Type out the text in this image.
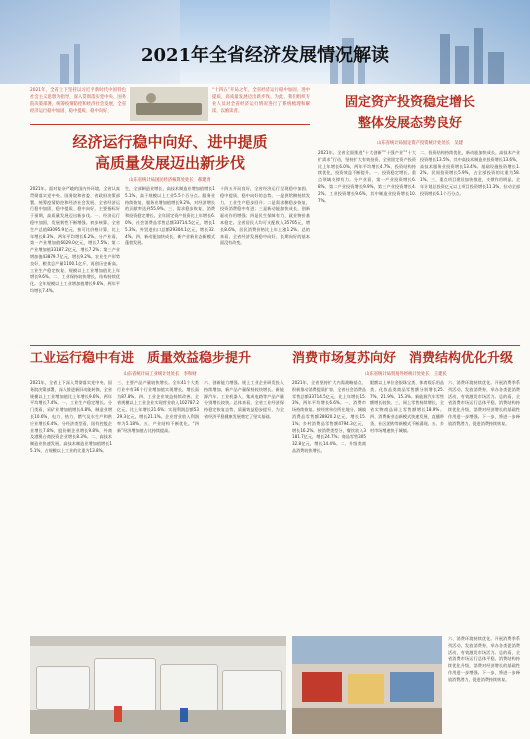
2021年全省经济发展情况解读
2021年，全省上下坚持以习近平新时代中国特色社会主义思想为指导，深入贯彻落实党中央、国务院决策部署，统筹疫情防控和经济社会发展，全省经济运行稳中加固、稳中提质、稳中向好，
“十四五”开局之年，全省经济运行稳中加固、进中提质，高质量发展迈出新步伐。为此，我们组织专业人员对全省经济运行情况进行了系统梳理和解读，以飨读者。
经济运行稳中向好、进中提质
高质量发展迈出新步伐
山东省统计局国民经济核算处处长　郝建青
2021年，面对复杂严峻的国内外环境，全省认真贯彻落实党中央、国务院和省委、省政府决策部署，统筹疫情防控和经济社会发展，全省经济运行稳中加固、稳中提质、稳中向好，主要指标好于预期，高质量发展迈出新步伐。一、经济运行稳中加固，发展韧性不断增强。初步核算，全省生产总值83095.9亿元，按可比价格计算，比上年增长8.3%，两年平均增长6.2%。分产业看，第一产业增加值6029.0亿元，增长7.5%；第二产业增加值33187.2亿元，增长7.2%；第三产业增加值43879.7亿元，增长9.2%。农业生产形势良好，粮食总产量1100.1亿斤，再创历史新高。工业生产稳定恢复，规模以上工业增加值比上年增长9.6%。二、工业保持较快增长，结构持续优化。全年规模以上工业增加值增长9.6%，两年平均增长7.4%。
生，全部制造业增长，高技术制造业增加值增长15.1%，高于规模以上工业5.5个百分点。服务业持续恢复，服务业增加值增长9.2%，对经济增长的贡献率达到55.9%。三、需求稳步恢复，消费和投资稳定增长。全年固定资产投资比上年增长6.0%，社会消费品零售总额33714.5亿元，增长15.3%。外贸进出口总额29304.1亿元，增长32.4%。四、新动能加快成长，新产业新业态新模式蓬勃发展。
十四五开局良好，全省经济运行呈现稳中加固、稳中提质、稳中向好的态势。一是供给侧持续发力，工业生产稳步回升；二是需求侧稳步恢复，投资消费稳中有进；三是新动能加快成长，创新驱动作用增强；四是民生保障有力，就业物价基本稳定。全省居民人均可支配收入35705元，增长8.6%，居民消费价格比上年上涨1.2%。总的来看，全省经济发展稳中向好、长期向好的基本面没有改变。
固定资产投资稳定增长
整体发展态势良好
山东省统计局固定资产投资统计处处长　吴建
2021年，全省全面推进“十大创新”“十强产业”“十大扩需求”行动，坚持扩大有效投资，全省固定资产投资比上年增长6.0%，两年平均增长4.7%，投资结构持续优化，投资效益不断提升。一、投资稳定增长，重点领域支撑有力。分产业看，第一产业投资增长6.8%，第二产业投资增长9.9%，第三产业投资增长4.2%。工业投资增长9.6%，其中制造业投资增长10.7%。
二、投资结构持续优化，新动能加快成长。高技术产业投资增长13.5%，其中高技术制造业投资增长13.6%，高技术服务业投资增长13.4%。基础设施投资增长1.2%。民间投资增长5.9%，占全部投资的比重为58.1%。三、重点项目建设加快推进，支撑作用明显。全年计划总投资亿元以上项目投资增长11.3%，拉动全部投资增长6.1个百分点。
工业运行稳中有进　质量效益稳步提升
山东省统计局工业统计处处长　李和财
2021年，全省上下深入贯彻落实党中央、国务院决策部署，深入推进新旧动能转换，全省规模以上工业增加值比上年增长9.6%，两年平均增长7.4%。一、工业生产稳定增长。分门类看，采矿业增加值增长4.8%，制造业增长10.6%，电力、热力、燃气及水生产和供应业增长6.4%。分经济类型看，国有控股企业增长7.8%，股份制企业增长9.8%，外商及港澳台商投资企业增长8.3%。二、高技术制造业快速发展。高技术制造业增加值增长15.1%，占规模以上工业的比重为13.8%。
三、主要产品产量较快增长。全年41个大类行业中有36个行业增加值实现增长，增长面为87.8%。四、工业企业效益持续改善。全省规模以上工业企业实现营业收入102787.2亿元，比上年增长21.6%；实现利润总额5329.3亿元，增长21.1%。企业营业收入利润率为5.18%。五、产业结构不断优化。“四新”经济增加值占比持续提高。
六、创新能力增强。规上工业企业研发投入持续增加，新产品产量保持较快增长。新能源汽车、工业机器人、集成电路等产品产量分别增长较快。总体来看，全省工业经济保持稳定恢复态势，质量效益稳步提升，为全省经济平稳健康发展奠定了坚实基础。
消费市场复苏向好　消费结构优化升级
山东省统计局贸易外经统计处处长　王建民
2021年，全省坚持扩大内需战略基点，积极推动消费提质扩容，全省社会消费品零售总额33714.5亿元，比上年增长15.3%，两年平均增长6.6%。一、消费市场持续恢复。按经营单位所在地分，城镇消费品零售额28920.2亿元，增长15.1%；乡村消费品零售额4794.3亿元，增长16.2%。按消费类型分，餐饮收入3181.7亿元，增长24.7%；商品零售30532.8亿元，增长14.4%。二、升级类商品消费较快增长。
限额以上单位金银珠宝类、体育娱乐用品类、化妆品类商品零售额分别增长25.7%、21.9%、15.3%。新能源汽车零售额增长较快。三、网上零售持续增长，全省实物商品网上零售额增长18.9%。四、消费新业态新模式快速发展，直播带货、社区团购等新模式不断涌现。五、乡村市场增速快于城镇。
六、消费环境持续优化。开展消费季系列活动，发放消费券，举办各类促消费活动，有效激发市场活力。总的看，全省消费市场运行总体平稳，消费结构持续优化升级，消费对经济增长的基础性作用进一步增强。下一步，将进一步释放消费潜力，促进消费持续恢复。
六、消费环境持续优化。开展消费季系列活动，发放消费券，举办各类促消费活动，有效激发市场活力。总的看，全省消费市场运行总体平稳，消费结构持续优化升级，消费对经济增长的基础性作用进一步增强。下一步，将进一步释放消费潜力，促进消费持续恢复。
